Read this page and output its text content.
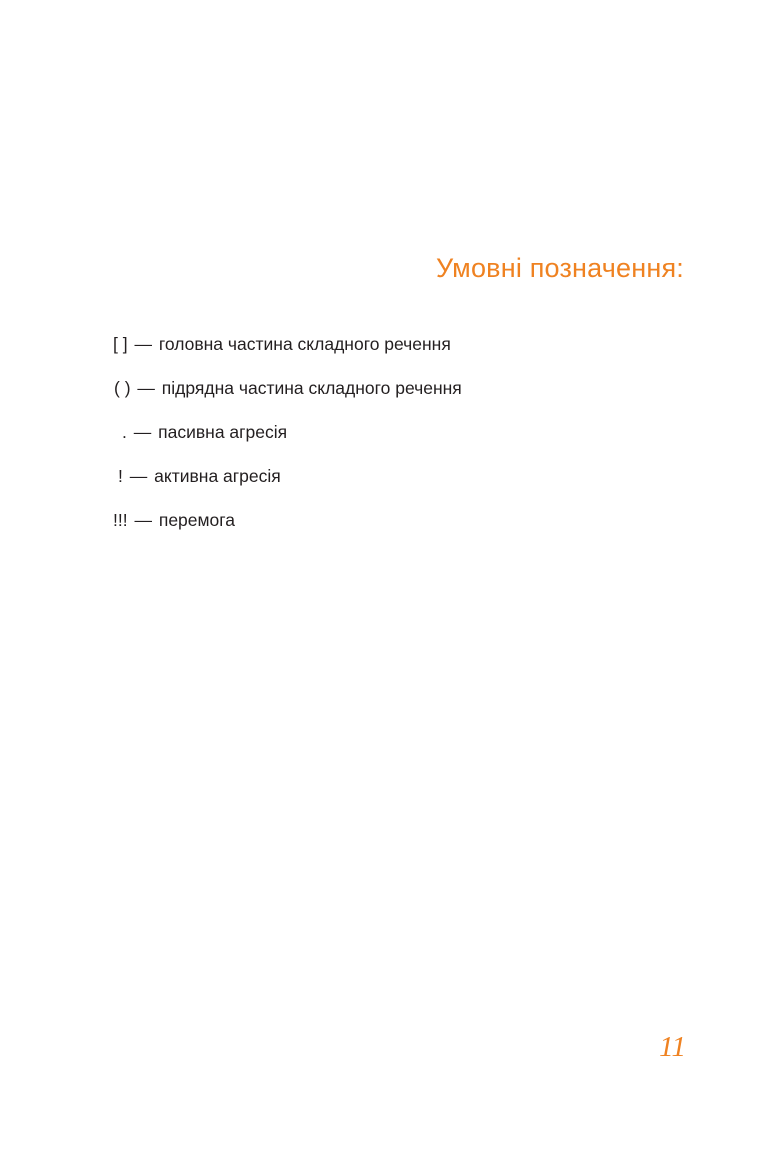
Умовні позначення:
[ ] — головна частина складного речення
( ) — підрядна частина складного речення
. — пасивна агресія
! — активна агресія
!!! — перемога
11
